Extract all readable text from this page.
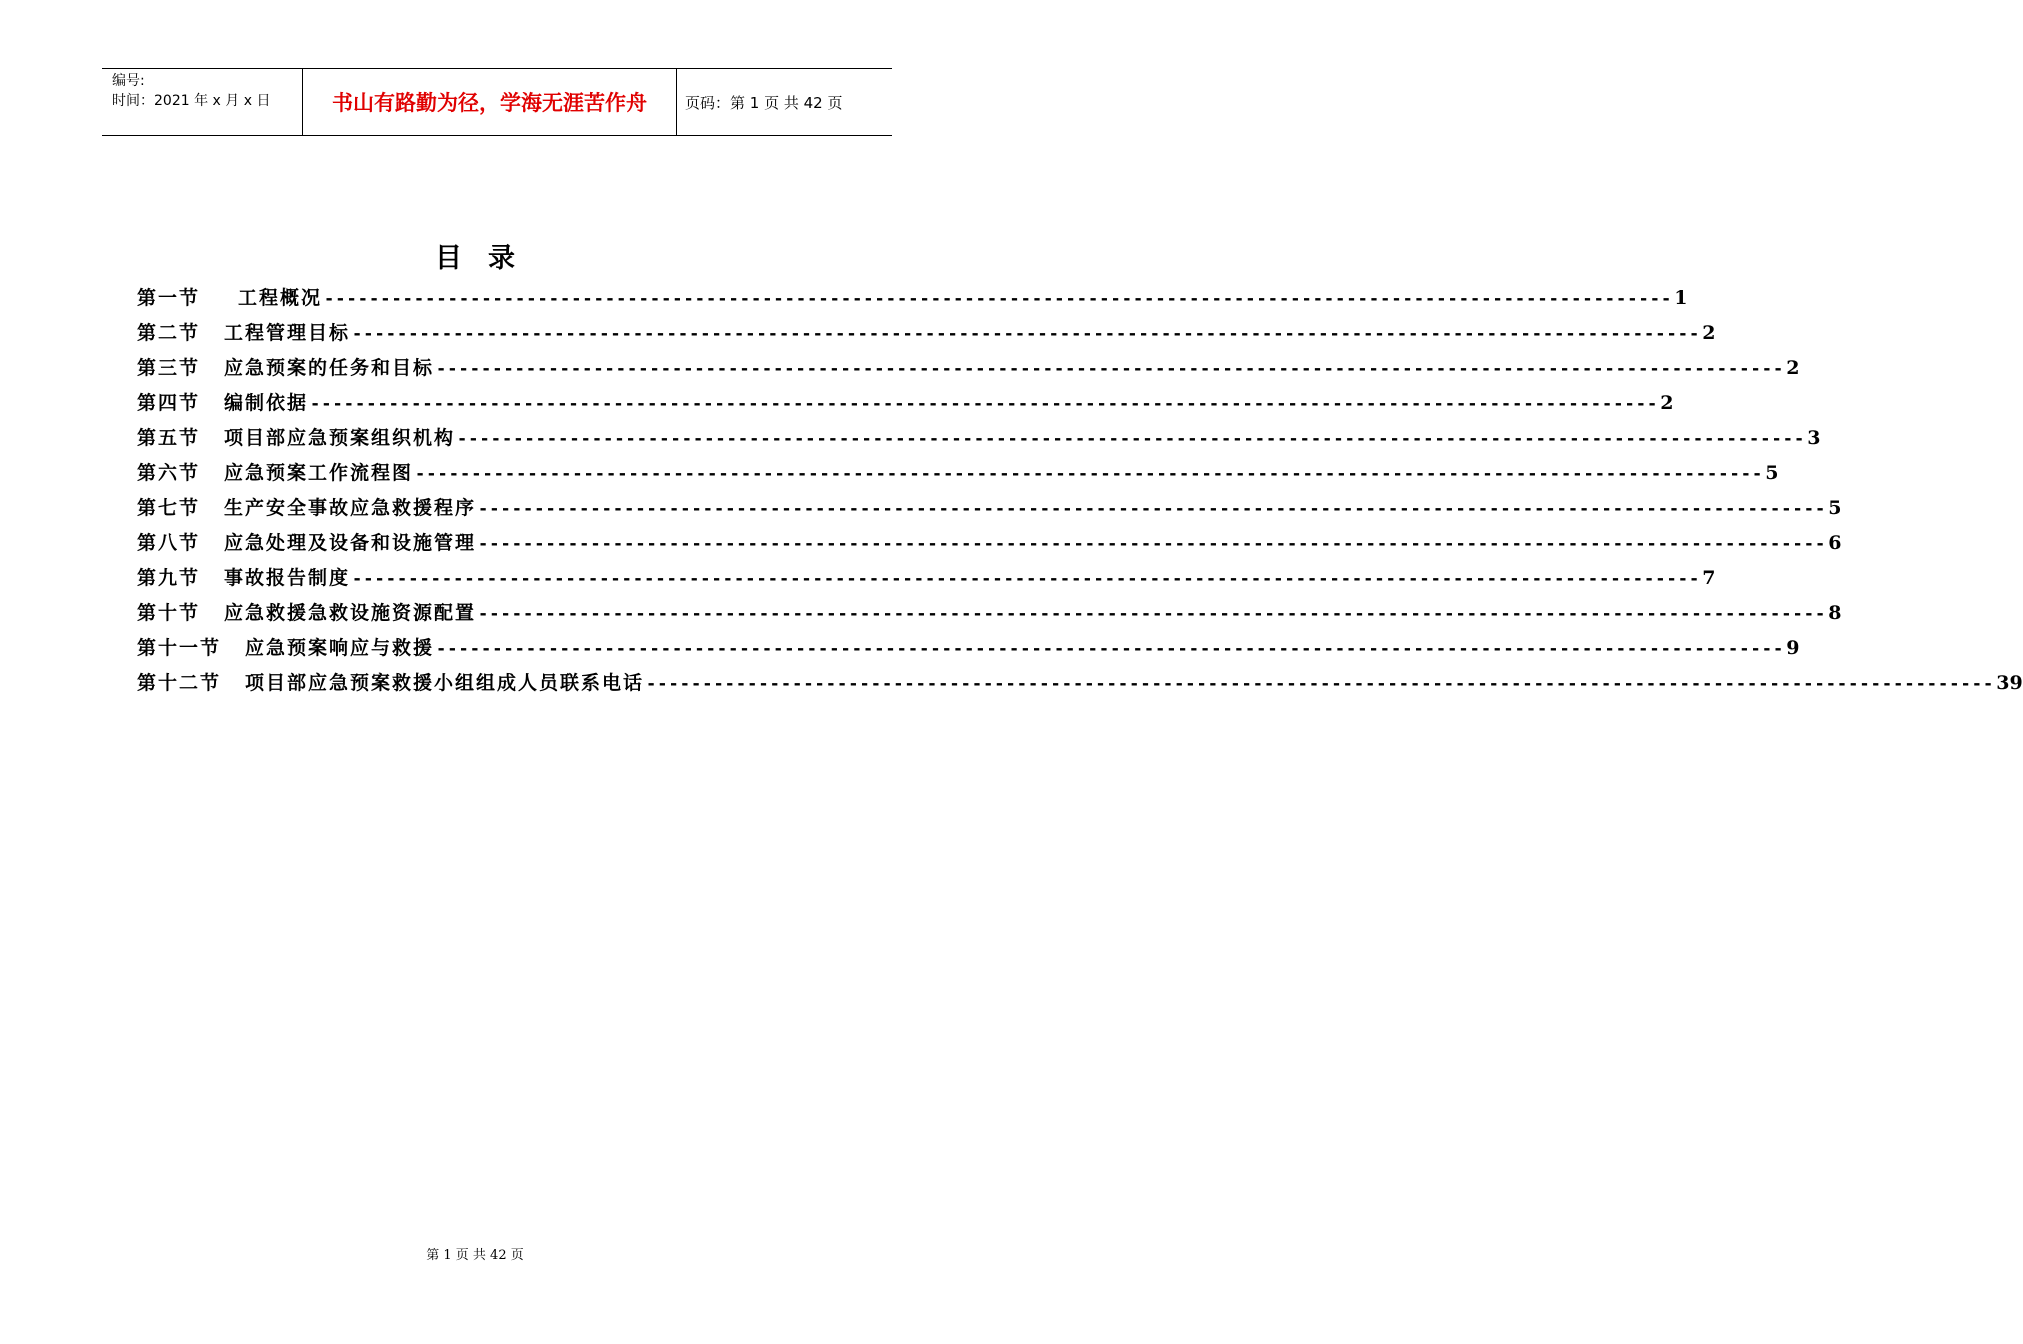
编号:
时间：2021 年 x 月 x 日	书山有路勤为径，学海无涯苦作舟	页码：第 1 页 共 42 页
目录
第一节 工程概况 ------------------------------------------------------------------------------------------------------------------------ 1
第二节 工程管理目标 ------------------------------------------------------------------------------------------------------------------------ 2
第三节 应急预案的任务和目标 ------------------------------------------------------------------------------------------------------------------------ 2
第四节 编制依据 ------------------------------------------------------------------------------------------------------------------------ 2
第五节 项目部应急预案组织机构 ------------------------------------------------------------------------------------------------------------------------ 3
第六节 应急预案工作流程图 ------------------------------------------------------------------------------------------------------------------------ 5
第七节 生产安全事故应急救援程序 ------------------------------------------------------------------------------------------------------------------------ 5
第八节 应急处理及设备和设施管理 ------------------------------------------------------------------------------------------------------------------------ 6
第九节 事故报告制度 ------------------------------------------------------------------------------------------------------------------------ 7
第十节 应急救援急救设施资源配置 ------------------------------------------------------------------------------------------------------------------------ 8
第十一节 应急预案响应与救援 ------------------------------------------------------------------------------------------------------------------------ 9
第十二节 项目部应急预案救援小组组成人员联系电话 ------------------------------------------------------------------------------------------------------------------------ 39
第 1 页 共 42 页
